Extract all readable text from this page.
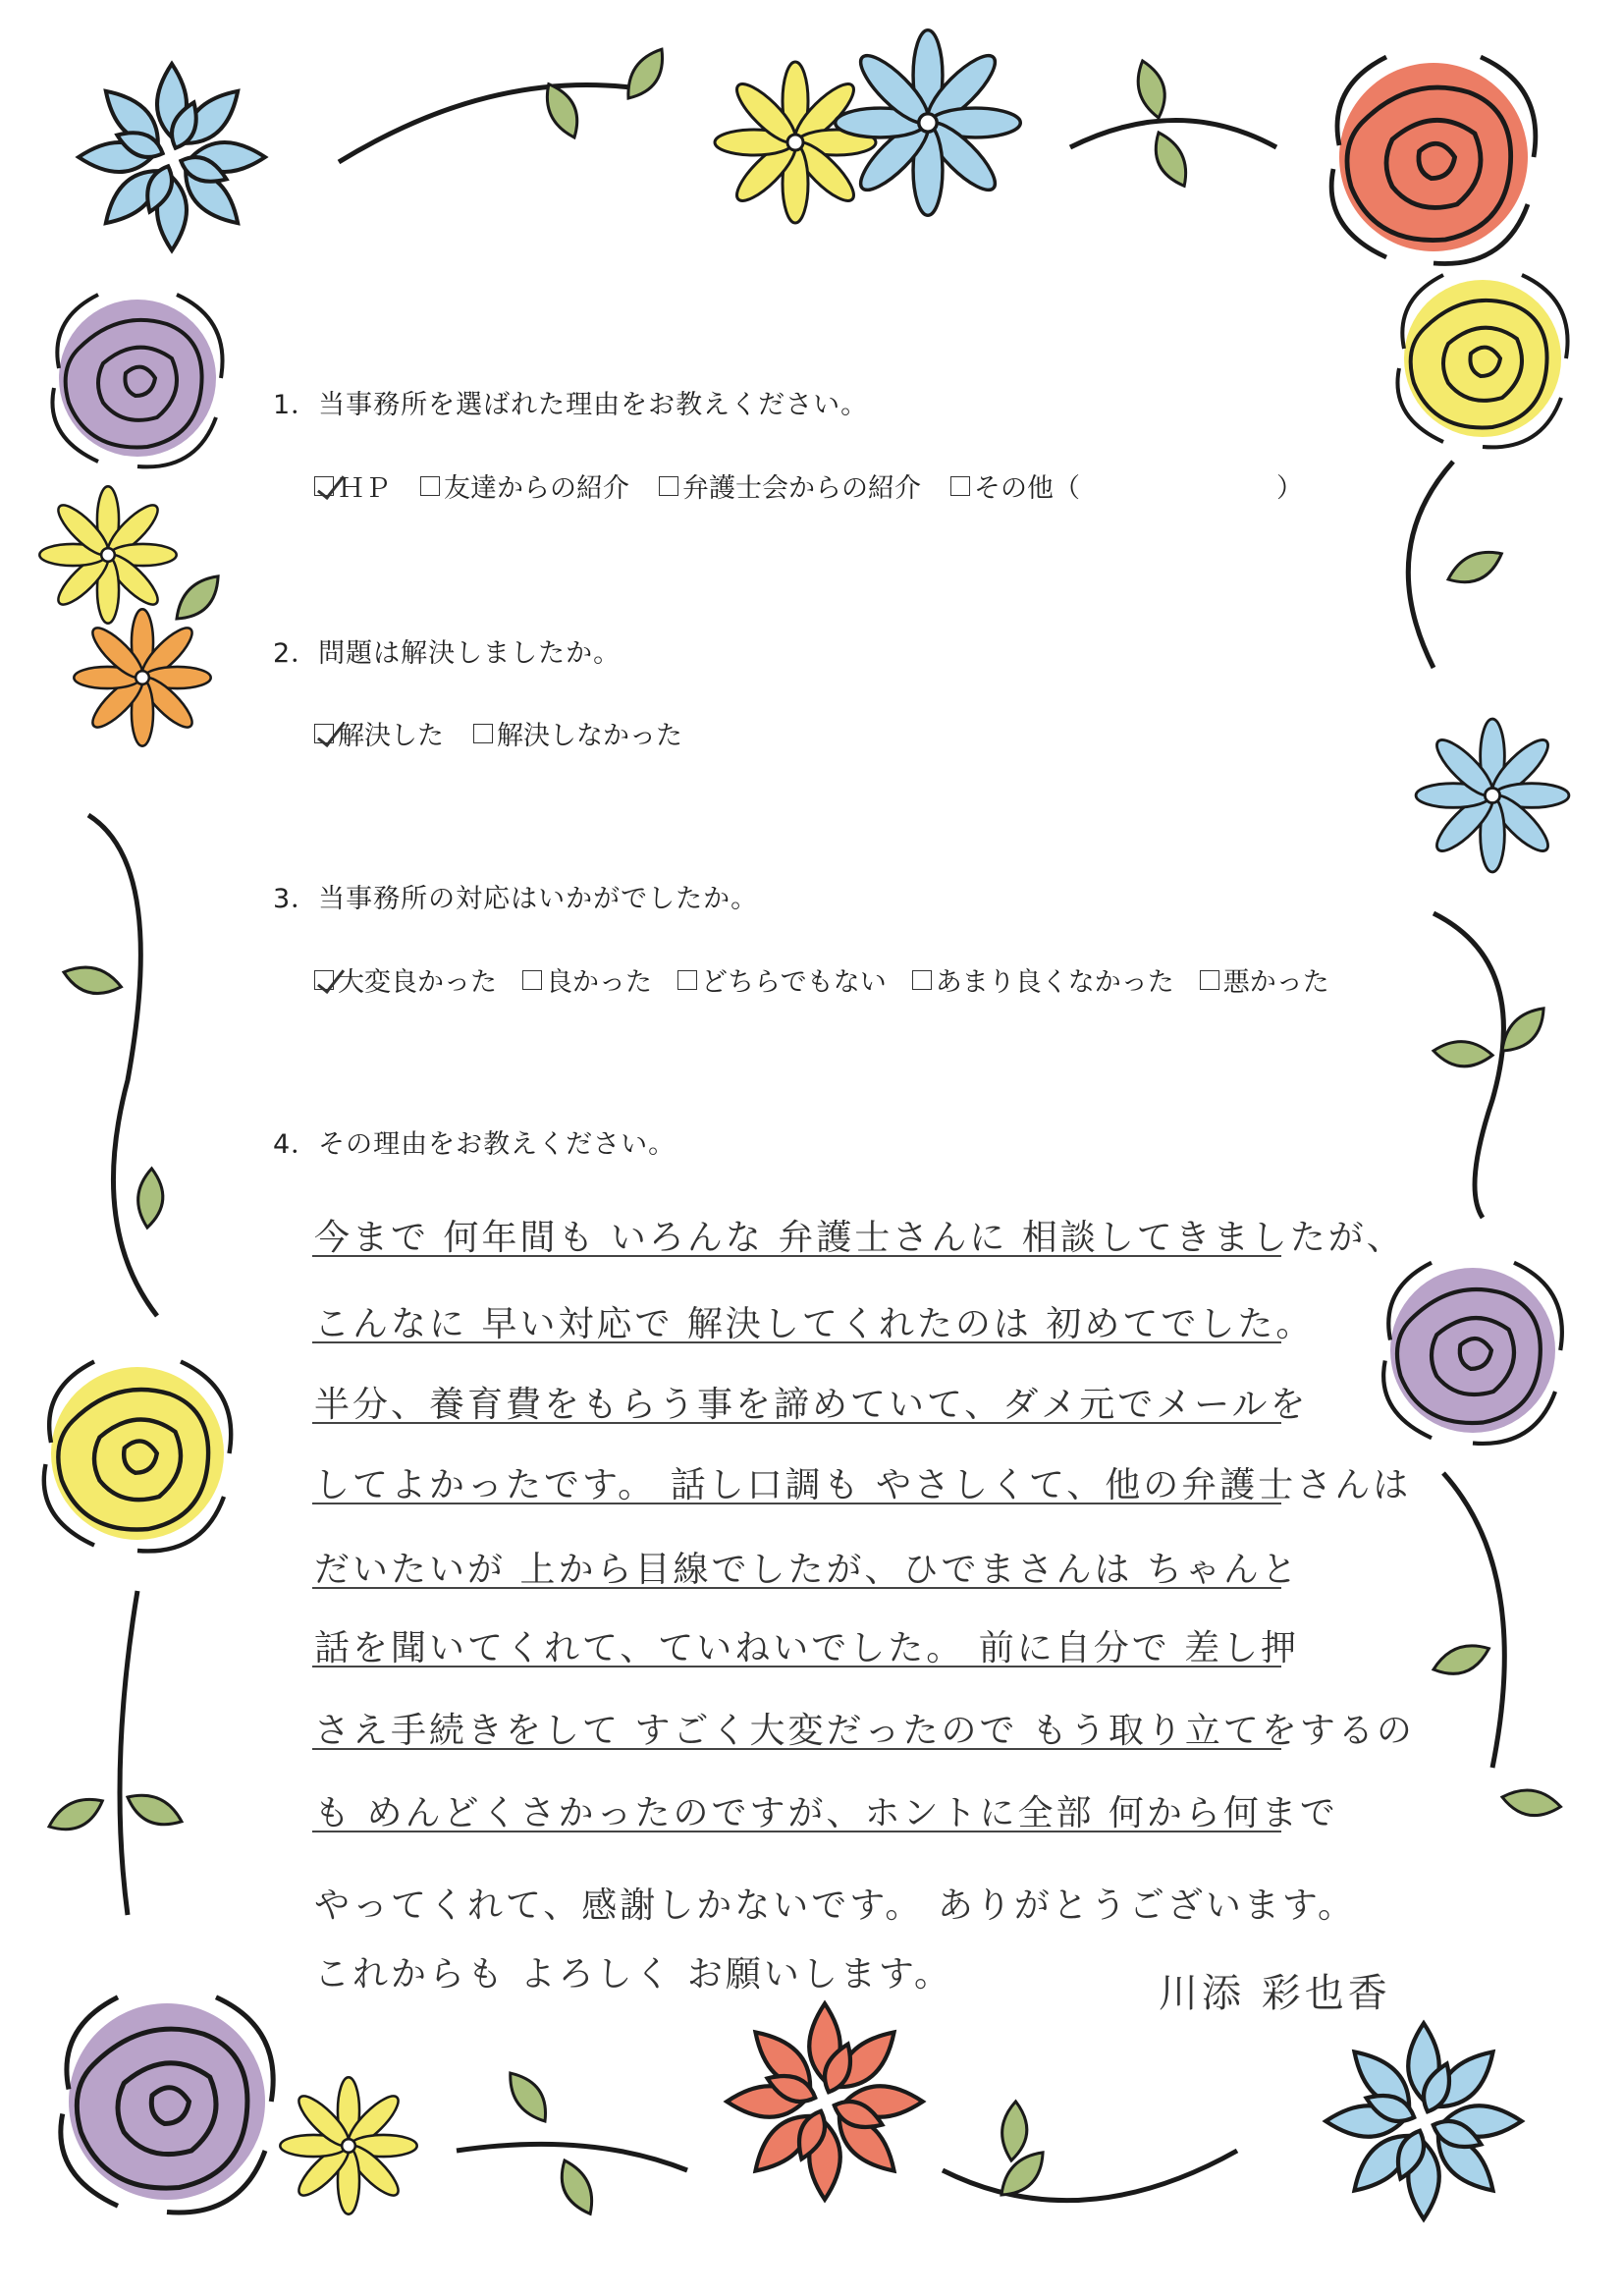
1．当事務所を選ばれた理由をお教えください。
ＨＰ 友達からの紹介 弁護士会からの紹介 その他（	）
2．問題は解決しましたか。
解決した 解決しなかった
3．当事務所の対応はいかがでしたか。
大変良かった 良かった どちらでもない あまり良くなかった 悪かった
4．その理由をお教えください。
今まで 何年間も いろんな 弁護士さんに 相談してきましたが、
こんなに 早い対応で 解決してくれたのは 初めてでした。
半分、養育費をもらう事を諦めていて、ダメ元でメールを
してよかったです。 話し口調も やさしくて、他の弁護士さんは
だいたいが 上から目線でしたが、ひでまさんは ちゃんと
話を聞いてくれて、ていねいでした。 前に自分で 差し押
さえ手続きをして すごく大変だったので もう取り立てをするの
も めんどくさかったのですが、ホントに全部 何から何まで
やってくれて、感謝しかないです。 ありがとうございます。
これからも よろしく お願いします。	川添 彩也香
